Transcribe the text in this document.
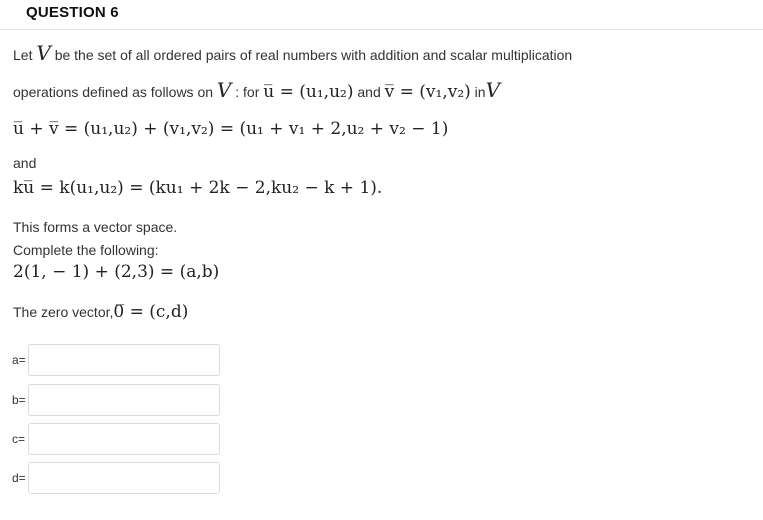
QUESTION 6
Let V be the set of all ordered pairs of real numbers with addition and scalar multiplication
operations defined as follows on V : for u̅ = (u₁,u₂) and v̅ = (v₁,v₂) inV
u̅ + v̅ = (u₁,u₂) + (v₁,v₂) = (u₁ + v₁ + 2,u₂ + v₂ − 1)
and
ku̅ = k(u₁,u₂) = (ku₁ + 2k − 2,ku₂ − k + 1).
This forms a vector space.
Complete the following:
2(1, − 1) + (2,3) = (a,b)
The zero vector,0̅ = (c,d)
a=
b=
c=
d=
